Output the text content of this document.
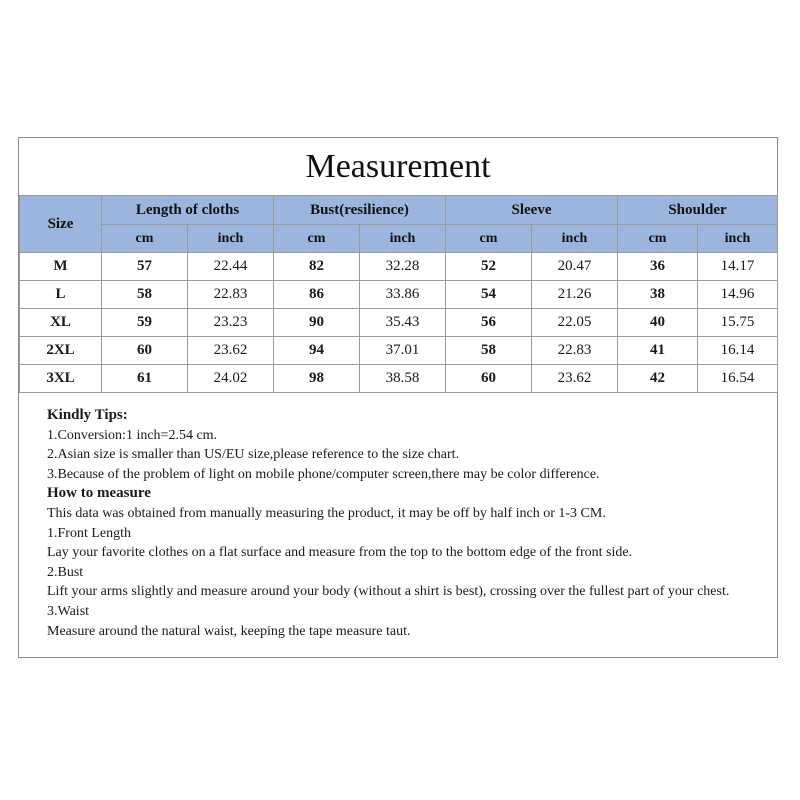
Measurement
Size	Length of cloths		Bust(resilience)		Sleeve		Shoulder	
	cm	inch	cm	inch	cm	inch	cm	inch
M	57	22.44	82	32.28	52	20.47	36	14.17
L	58	22.83	86	33.86	54	21.26	38	14.96
XL	59	23.23	90	35.43	56	22.05	40	15.75
2XL	60	23.62	94	37.01	58	22.83	41	16.14
3XL	61	24.02	98	38.58	60	23.62	42	16.54
Kindly Tips:
1.Conversion:1 inch=2.54 cm.
2.Asian size is smaller than US/EU size,please reference to the size chart.
3.Because of the problem of light on mobile phone/computer screen,there may be color difference.
How to measure
This data was obtained from manually measuring the product, it may be off by half inch or 1-3 CM.
1.Front Length
Lay your favorite clothes on a flat surface and measure from the top to the bottom edge of the front side.
2.Bust
Lift your arms slightly and measure around your body (without a shirt is best), crossing over the fullest part of your chest.
3.Waist
Measure around the natural waist, keeping the tape measure taut.
